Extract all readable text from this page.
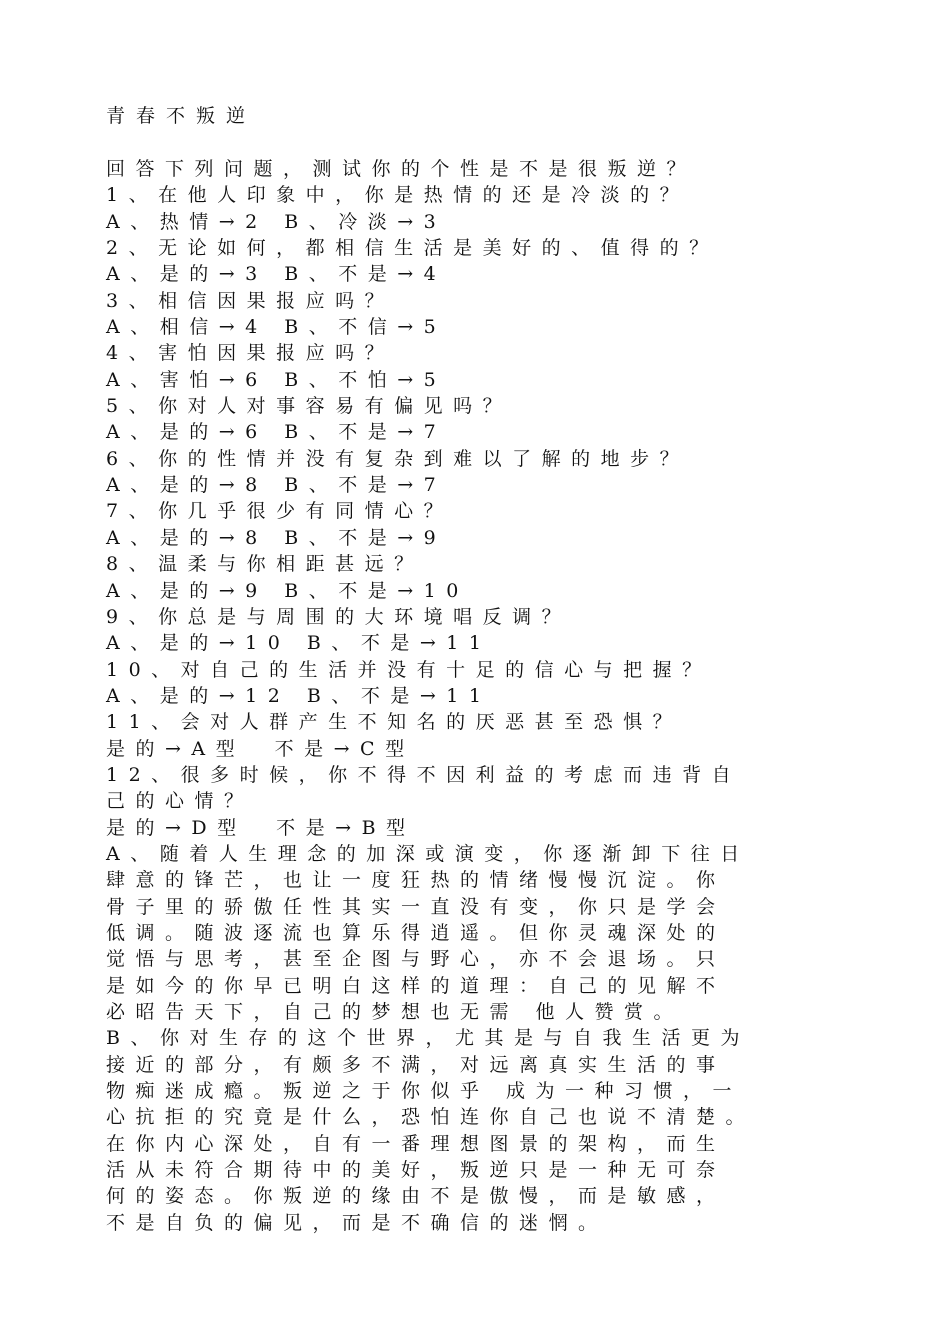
青春不叛逆
回答下列问题，测试你的个性是不是很叛逆？
1、在他人印象中，你是热情的还是冷淡的？
A、热情→2 B、冷淡→3
2、无论如何，都相信生活是美好的、值得的？
A、是的→3 B、不是→4
3、相信因果报应吗？
A、相信→4 B、不信→5
4、害怕因果报应吗？
A、害怕→6 B、不怕→5
5、你对人对事容易有偏见吗？
A、是的→6 B、不是→7
6、你的性情并没有复杂到难以了解的地步？
A、是的→8 B、不是→7
7、你几乎很少有同情心？
A、是的→8 B、不是→9
8、温柔与你相距甚远？
A、是的→9 B、不是→10
9、你总是与周围的大环境唱反调？
A、是的→10 B、不是→11
10、对自己的生活并没有十足的信心与把握？
A、是的→12 B、不是→11
11、会对人群产生不知名的厌恶甚至恐惧？
是的→A型　不是→C型
12、很多时候，你不得不因利益的考虑而违背自
己的心情？
是的→D型　不是→B型
A、随着人生理念的加深或演变，你逐渐卸下往日
肆意的锋芒，也让一度狂热的情绪慢慢沉淀。你
骨子里的骄傲任性其实一直没有变，你只是学会
低调。随波逐流也算乐得逍遥。但你灵魂深处的
觉悟与思考，甚至企图与野心，亦不会退场。只
是如今的你早已明白这样的道理：自己的见解不
必昭告天下，自己的梦想也无需 他人赞赏。
B、你对生存的这个世界，尤其是与自我生活更为
接近的部分，有颇多不满，对远离真实生活的事
物痴迷成瘾。叛逆之于你似乎 成为一种习惯，一
心抗拒的究竟是什么，恐怕连你自己也说不清楚。
在你内心深处，自有一番理想图景的架构，而生
活从未符合期待中的美好，叛逆只是一种无可奈
何的姿态。你叛逆的缘由不是傲慢，而是敏感，
不是自负的偏见，而是不确信的迷惘。
